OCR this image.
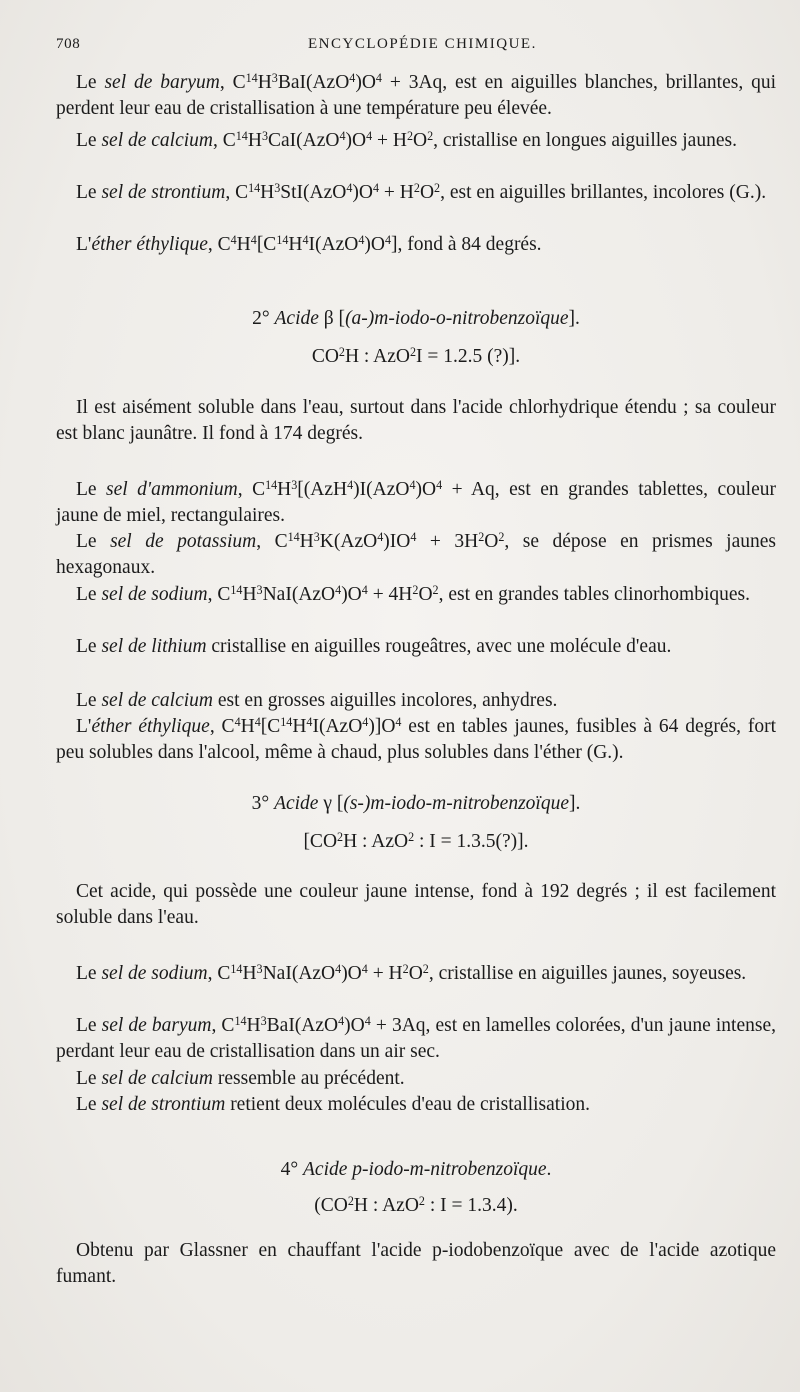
708	ENCYCLOPÉDIE CHIMIQUE.

Le sel de baryum, $C^{14}H^3BaI(AzO^4)O^4 + 3Aq$, est en aiguilles blanches, brillantes, qui perdent leur eau de cristallisation à une température peu élevée.

Le sel de calcium, $C^{14}H^3CaI(AzO^4)O^4 + H^2O^2$, cristallise en longues aiguilles jaunes.

Le sel de strontium, $C^{14}H^3StI(AzO^4)O^4 + H^2O^2$, est en aiguilles brillantes, incolores (G.).

L'éther éthylique, $C^4H^4[C^{14}H^4I(AzO^4)O^4]$, fond à 84 degrés.

2° Acide β [(a-)m-iodo-o-nitrobenzoïque].

$CO^2H$ : AzO$^2$I = 1.2.5 (?)].

Il est aisément soluble dans l'eau, surtout dans l'acide chlorhydrique étendu ; sa couleur est blanc jaunâtre. Il fond à 174 degrés.

Le sel d'ammonium, $C^{14}H^3[(AzH^4)I(AzO^4)O^4 + Aq$, est en grandes tablettes, couleur jaune de miel, rectangulaires.

Le sel de potassium, $C^{14}H^3K(AzO^4)IO^4 + 3H^2O^2$, se dépose en prismes jaunes hexagonaux.

Le sel de sodium, $C^{14}H^3NaI(AzO^4)O^4 + 4H^2O^2$, est en grandes tables clinorhombiques.

Le sel de lithium cristallise en aiguilles rougeâtres, avec une molécule d'eau.

Le sel de calcium est en grosses aiguilles incolores, anhydres.

L'éther éthylique, $C^4H^4[C^{14}H^4I(AzO^4)]O^4$ est en tables jaunes, fusibles à 64 degrés, fort peu solubles dans l'alcool, même à chaud, plus solubles dans l'éther (G.).

3° Acide γ [(s-)m-iodo-m-nitrobenzoïque].

[$CO^2H$ : AzO$^2$ : I = 1.3.5(?)].

Cet acide, qui possède une couleur jaune intense, fond à 192 degrés ; il est facilement soluble dans l'eau.

Le sel de sodium, $C^{14}H^3NaI(AzO^4)O^4 + H^2O^2$, cristallise en aiguilles jaunes, soyeuses.

Le sel de baryum, $C^{14}H^3BaI(AzO^4)O^4 + 3Aq$, est en lamelles colorées, d'un jaune intense, perdant leur eau de cristallisation dans un air sec.

Le sel de calcium ressemble au précédent.

Le sel de strontium retient deux molécules d'eau de cristallisation.

4° Acide p-iodo-m-nitrobenzoïque.

($CO^2H$ : AzO$^2$ : I = 1.3.4).

Obtenu par Glassner en chauffant l'acide p-iodobenzoïque avec de l'acide azotique fumant.
